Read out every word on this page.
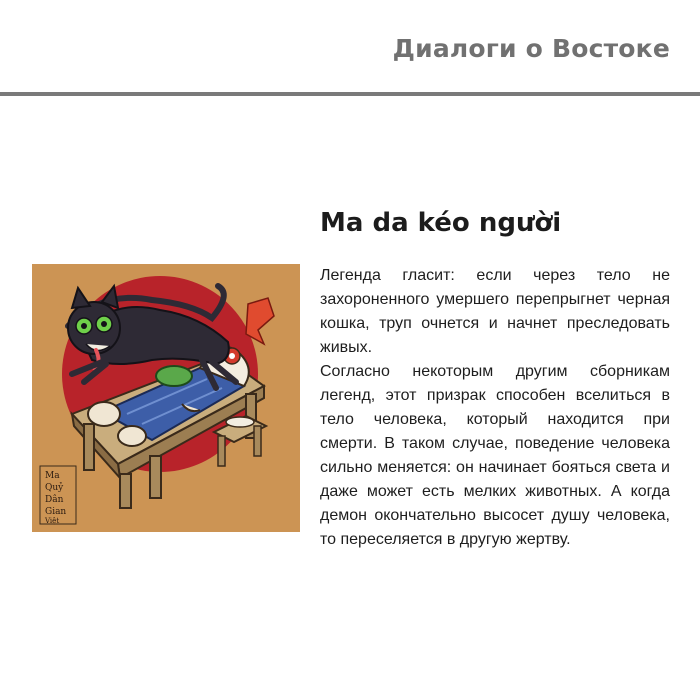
Диалоги о Востоке
Ma
Quỷ
Dân
Gian
Việt
Ma da kéo người

Легенда гласит: если через тело не захороненного умершего перепрыгнет черная кошка, труп очнется и начнет преследовать живых.

Согласно некоторым другим сборникам легенд, этот призрак способен вселиться в тело человека, который находится при смерти. В таком случае, поведение человека сильно меняется: он начинает бояться света и даже может есть мелких животных. А когда демон окончательно высосет душу человека, то переселяется в другую жертву.
